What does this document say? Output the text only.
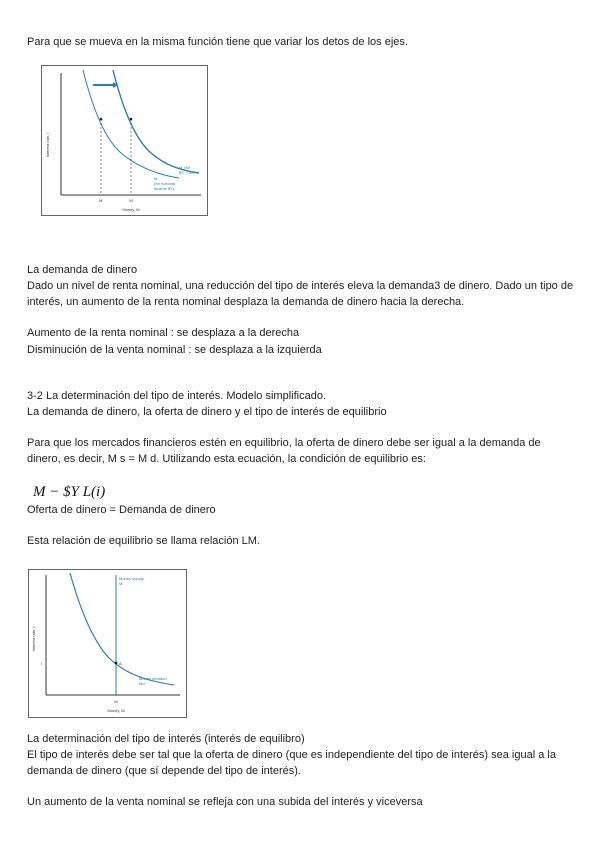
Para que se mueva en la misma función tiene que variar los detos de los ejes.

Interest rate, i
Money, M
M'	M
M' (for
$Y' > $Y)
M
(for nominal
income $Y)

La demanda de dinero

Dado un nivel de renta nominal, una reducción del tipo de interés eleva la demanda3 de dinero. Dado un tipo de interés, un aumento de la renta nominal desplaza la demanda de dinero hacia la derecha.

Aumento de la renta nominal : se desplaza a la derecha

Disminución de la venta nominal : se desplaza a la izquierda

3-2 La determinación del tipo de interés. Modelo simplificado.

La demanda de dinero, la oferta de dinero y el tipo de interés de equilibrio

Para que los mercados financieros estén en equilibrio, la oferta de dinero debe ser igual a la demanda de dinero, es decir, M s = M d. Utilizando esta ecuación, la condición de equilibrio es:

M − $Y L(i)

Oferta de dinero = Demanda de dinero

Esta relación de equilibrio se llama relación LM.

A
Interest rate, i
i
M
Money, M
Money supply,
M
Money demand
Md

La determinación del tipo de interés (interés de equilibro)

El tipo de interés debe ser tal que la oferta de dinero (que es independiente del tipo de interés) sea igual a la demanda de dinero (que sí depende del tipo de interés).

Un aumento de la venta nominal se refleja con una subida del interés y viceversa
